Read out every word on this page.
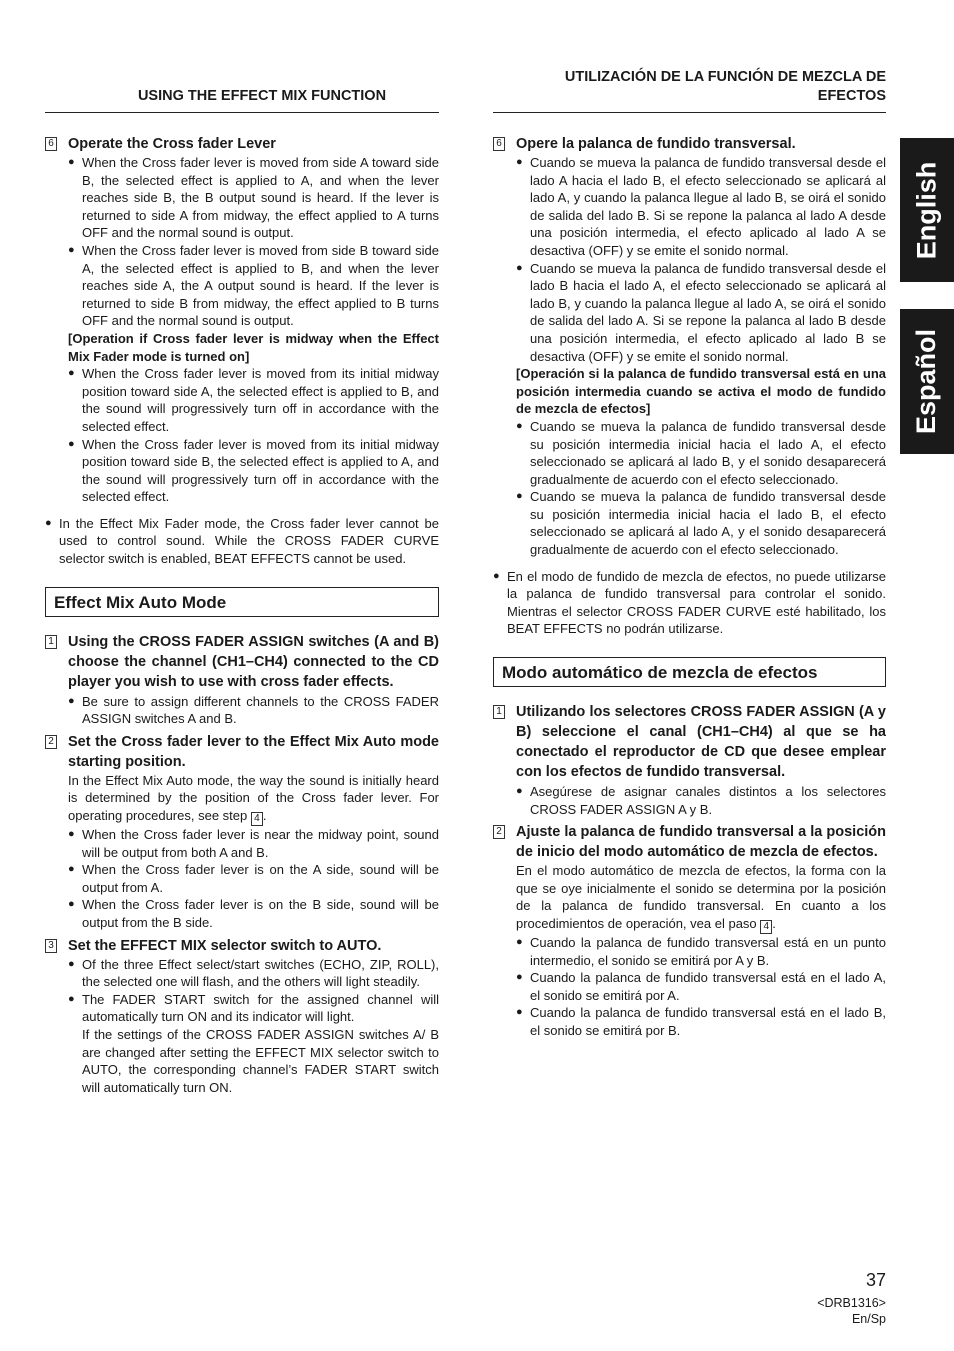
USING THE EFFECT MIX FUNCTION
6 Operate the Cross fader Lever
● When the Cross fader lever is moved from side A toward side B, the selected effect is applied to A, and when the lever reaches side B, the B output sound is heard. If the lever is returned to side A from midway, the effect applied to A turns OFF and the normal sound is output.
● When the Cross fader lever is moved from side B toward side A, the selected effect is applied to B, and when the lever reaches side A, the A output sound is heard. If the lever is returned to side B from midway, the effect applied to B turns OFF and the normal sound is output.
[Operation if Cross fader lever is midway when the Effect Mix Fader mode is turned on]
● When the Cross fader lever is moved from its initial midway position toward side A, the selected effect is applied to B, and the sound will progressively turn off in accordance with the selected effect.
● When the Cross fader lever is moved from its initial midway position toward side B, the selected effect is applied to A, and the sound will progressively turn off in accordance with the selected effect.
● In the Effect Mix Fader mode, the Cross fader lever cannot be used to control sound. While the CROSS FADER CURVE selector switch is enabled, BEAT EFFECTS cannot be used.
Effect Mix Auto Mode
1 Using the CROSS FADER ASSIGN switches (A and B) choose the channel (CH1–CH4) connected to the CD player you wish to use with cross fader effects.
● Be sure to assign different channels to the CROSS FADER ASSIGN switches A and B.
2 Set the Cross fader lever to the Effect Mix Auto mode starting position.
In the Effect Mix Auto mode, the way the sound is initially heard is determined by the position of the Cross fader lever. For operating procedures, see step 4 .
● When the Cross fader lever is near the midway point, sound will be output from both A and B.
● When the Cross fader lever is on the A side, sound will be output from A.
● When the Cross fader lever is on the B side, sound will be output from the B side.
3 Set the EFFECT MIX selector switch to AUTO.
● Of the three Effect select/start switches (ECHO, ZIP, ROLL), the selected one will flash, and the others will light steadily.
● The FADER START switch for the assigned channel will automatically turn ON and its indicator will light.
If the settings of the CROSS FADER ASSIGN switches A/ B are changed after setting the EFFECT MIX selector switch to AUTO, the corresponding channel’s FADER START switch will automatically turn ON.
UTILIZACIÓN DE LA FUNCIÓN DE MEZCLA DE EFECTOS
6 Opere la palanca de fundido transversal.
● Cuando se mueva la palanca de fundido transversal desde el lado A hacia el lado B, el efecto seleccionado se aplicará al lado A, y cuando la palanca llegue al lado B, se oirá el sonido de salida del lado B. Si se repone la palanca al lado A desde una posición intermedia, el efecto aplicado al lado A se desactiva (OFF) y se emite el sonido normal.
● Cuando se mueva la palanca de fundido transversal desde el lado B hacia el lado A, el efecto seleccionado se aplicará al lado B, y cuando la palanca llegue al lado A, se oirá el sonido de salida del lado A. Si se repone la palanca al lado B desde una posición intermedia, el efecto aplicado al lado B se desactiva (OFF) y se emite el sonido normal.
[Operación si la palanca de fundido transversal está en una posición intermedia cuando se activa el modo de fundido de mezcla de efectos]
● Cuando se mueva la palanca de fundido transversal desde su posición intermedia inicial hacia el lado A, el efecto seleccionado se aplicará al lado B, y el sonido desaparecerá gradualmente de acuerdo con el efecto seleccionado.
● Cuando se mueva la palanca de fundido transversal desde su posición intermedia inicial hacia el lado B, el efecto seleccionado se aplicará al lado A, y el sonido desaparecerá gradualmente de acuerdo con el efecto seleccionado.
● En el modo de fundido de mezcla de efectos, no puede utilizarse la palanca de fundido transversal para controlar el sonido. Mientras el selector CROSS FADER CURVE esté habilitado, los BEAT EFFECTS no podrán utilizarse.
Modo automático de mezcla de efectos
1 Utilizando los selectores CROSS FADER ASSIGN (A y B) seleccione el canal (CH1–CH4) al que se ha conectado el reproductor de CD que desee emplear con los efectos de fundido transversal.
● Asegúrese de asignar canales distintos a los selectores CROSS FADER ASSIGN A y B.
2 Ajuste la palanca de fundido transversal a la posición de inicio del modo automático de mezcla de efectos.
En el modo automático de mezcla de efectos, la forma con la que se oye inicialmente el sonido se determina por la posición de la palanca de fundido transversal. En cuanto a los procedimientos de operación, vea el paso 4 .
● Cuando la palanca de fundido transversal está en un punto intermedio, el sonido se emitirá por A y B.
● Cuando la palanca de fundido transversal está en el lado A, el sonido se emitirá por A.
● Cuando la palanca de fundido transversal está en el lado B, el sonido se emitirá por B.
English
Español
37
<DRB1316>
En/Sp
